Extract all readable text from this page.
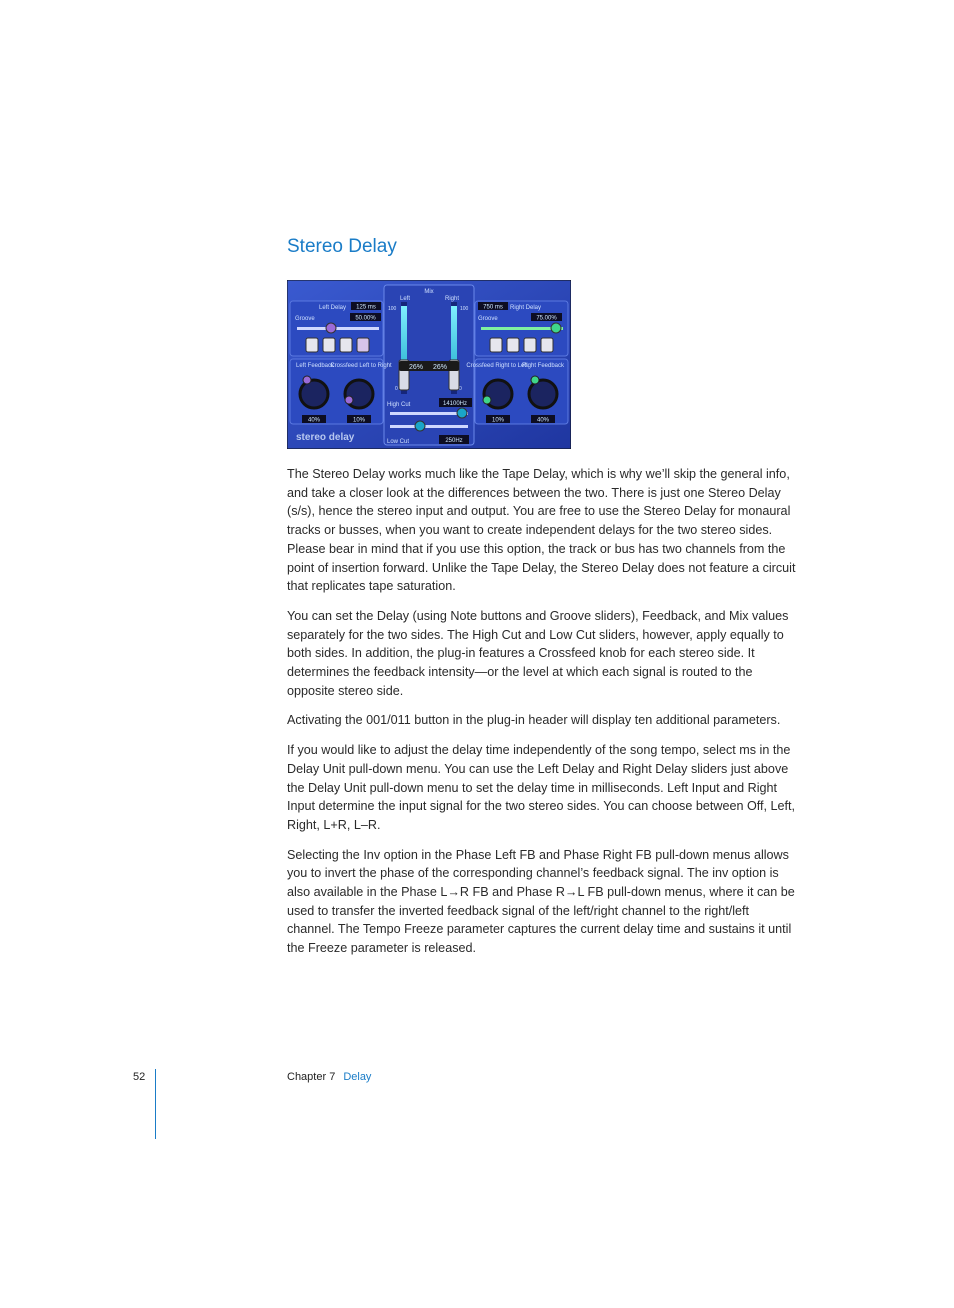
Stereo Delay
Mix
Left	Right
100	100
0	0
26% 26%
High Cut	14100Hz
Low Cut	250Hz
Left Delay 125 ms
Groove	50.00%
Left Feedback
Crossfeed Left to Right
40%	10%
750 ms Right Delay
Groove	75.00%
Crossfeed Right to Left
Right Feedback
10%	40%
stereo delay

The Stereo Delay works much like the Tape Delay, which is why we’ll skip the general info, and take a closer look at the differences between the two. There is just one Stereo Delay (s/s), hence the stereo input and output. You are free to use the Stereo Delay for monaural tracks or busses, when you want to create independent delays for the two stereo sides. Please bear in mind that if you use this option, the track or bus has two channels from the point of insertion forward. Unlike the Tape Delay, the Stereo Delay does not feature a circuit that replicates tape saturation.

You can set the Delay (using Note buttons and Groove sliders), Feedback, and Mix values separately for the two sides. The High Cut and Low Cut sliders, however, apply equally to both sides. In addition, the plug-in features a Crossfeed knob for each stereo side. It determines the feedback intensity—or the level at which each signal is routed to the opposite stereo side.

Activating the 001/011 button in the plug-in header will display ten additional parameters.

If you would like to adjust the delay time independently of the song tempo, select ms in the Delay Unit pull-down menu. You can use the Left Delay and Right Delay sliders just above the Delay Unit pull-down menu to set the delay time in milliseconds. Left Input and Right Input determine the input signal for the two stereo sides. You can choose between Off, Left, Right, L+R, L–R.

Selecting the Inv option in the Phase Left FB and Phase Right FB pull-down menus allows you to invert the phase of the corresponding channel’s feedback signal. The inv option is also available in the Phase L→R FB and Phase R→L FB pull-down menus, where it can be used to transfer the inverted feedback signal of the left/right channel to the right/left channel. The Tempo Freeze parameter captures the current delay time and sustains it until the Freeze parameter is released.

52	Chapter 7 Delay
